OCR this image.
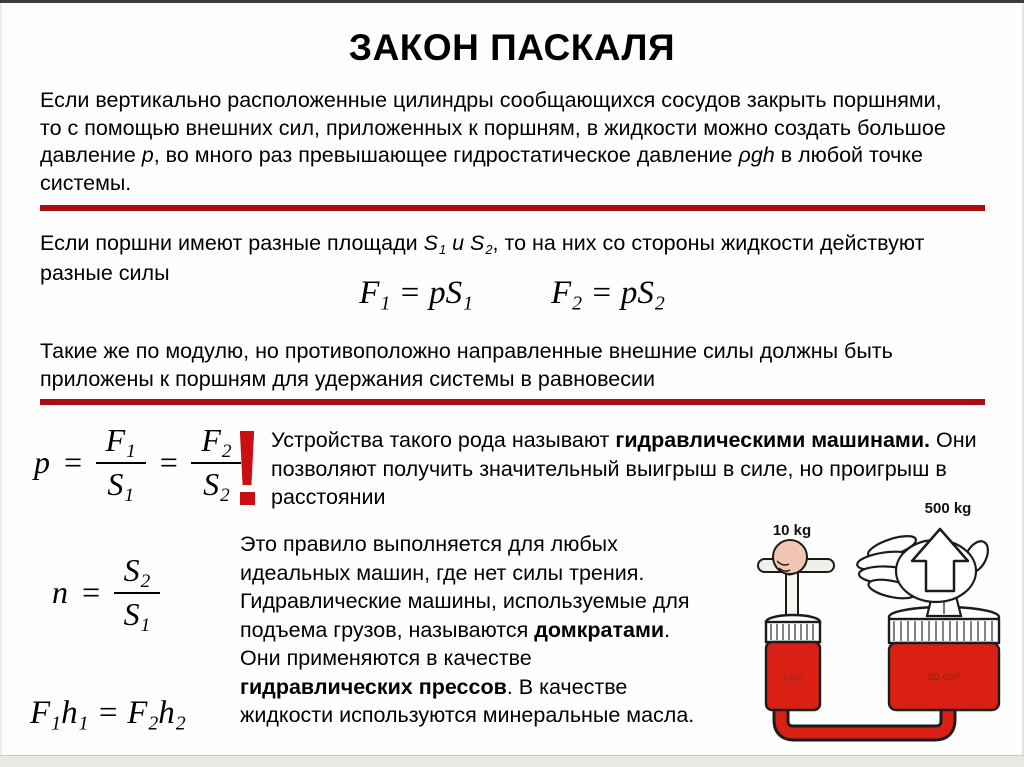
ЗАКОН ПАСКАЛЯ
Если вертикально расположенные цилиндры сообщающихся сосудов закрыть поршнями, то с помощью внешних сил, приложенных к поршням, в жидкости можно создать большое давление p, во много раз превышающее гидростатическое давление ρgh в любой точке системы.
Если поршни имеют разные площади S1 и S2, то на них со стороны жидкости действуют разные силы
F1 = pS1 F2 = pS2
Такие же по модулю, но противоположно направленные внешние силы должны быть приложены к поршням для удержания системы в равновесии
$p = \frac{F1}{S1} = \frac{F2}{S2}$
$n = \frac{S2}{S1}$
F1h1 = F2h2
Устройства такого рода называют гидравлическими машинами. Они позволяют получить значительный выигрыш в силе, но проигрыш в расстоянии
Это правило выполняется для любых идеальных машин, где нет силы трения. Гидравлические машины, используемые для подъема грузов, называются домкратами. Они применяются в качестве гидравлических прессов. В качестве жидкости используются минеральные масла.
1 cm²
10 kg
50 cm²
500 kg
